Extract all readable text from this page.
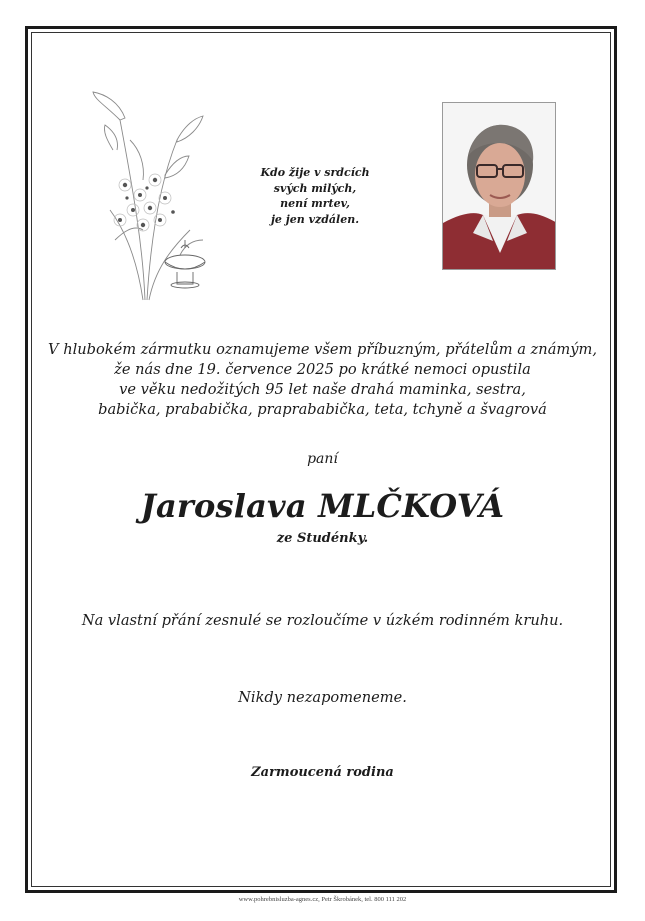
Kdo žije v srdcích
svých milých,
není mrtev,
je jen vzdálen.
V hlubokém zármutku oznamujeme všem příbuzným, přátelům a známým,
že nás dne 19. července 2025 po krátké nemoci opustila
ve věku nedožitých 95 let naše drahá maminka, sestra,
babička, prababička, praprababička, teta, tchyně a švagrová
paní
Jaroslava MLČKOVÁ
ze Studénky.
Na vlastní přání zesnulé se rozloučíme v úzkém rodinném kruhu.
Nikdy nezapomeneme.
Zarmoucená rodina
www.pohrebnisluzba-agnes.cz, Petr Škrobánek, tel. 800 111 202
